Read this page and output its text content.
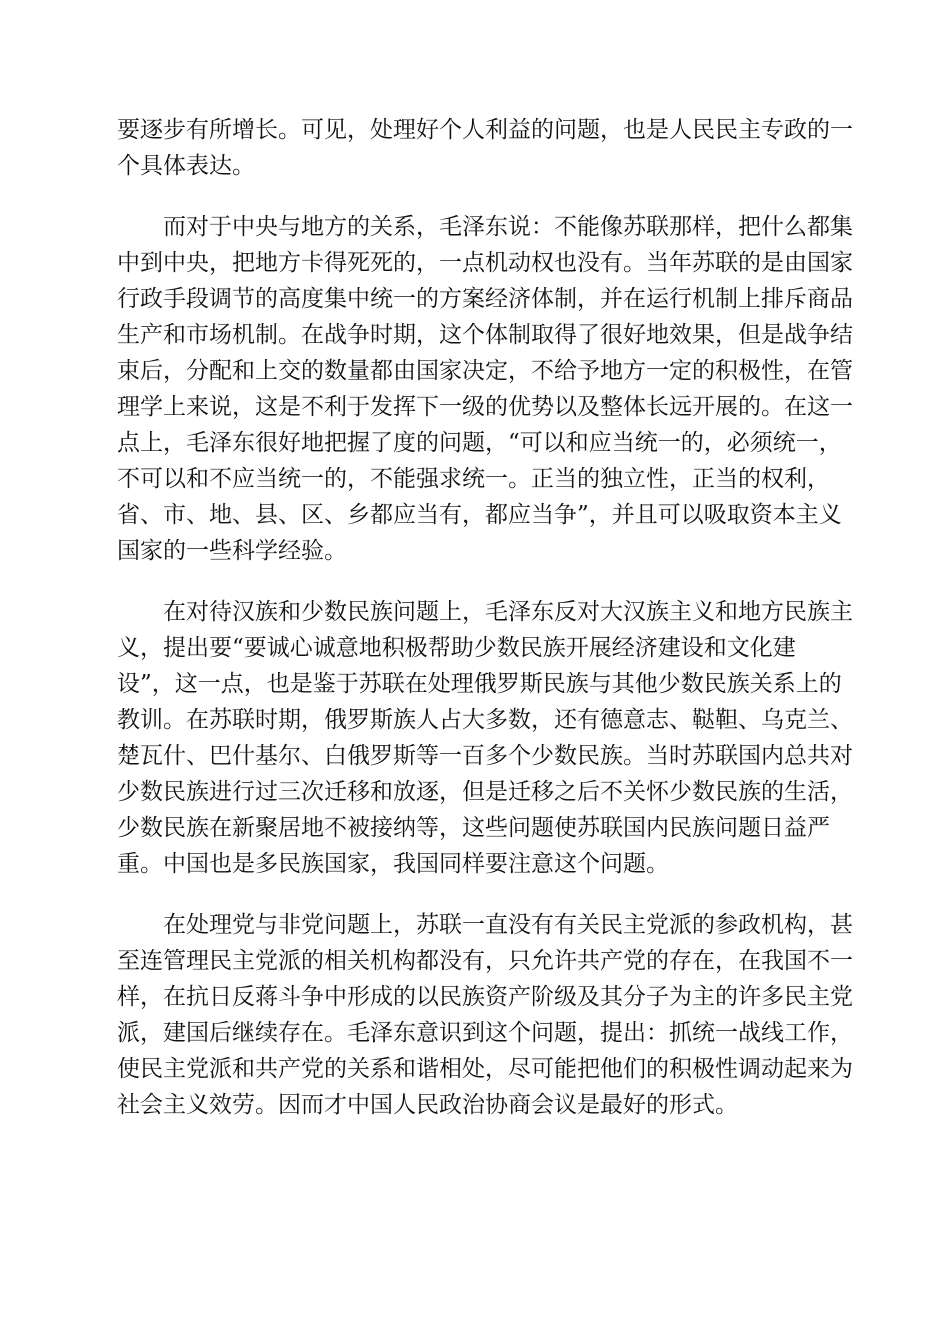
要逐步有所增长。可见，处理好个人利益的问题，也是人民民主专政的一
个具体表达。
而对于中央与地方的关系，毛泽东说：不能像苏联那样，把什么都集
中到中央，把地方卡得死死的，一点机动权也没有。当年苏联的是由国家
行政手段调节的高度集中统一的方案经济体制，并在运行机制上排斥商品
生产和市场机制。在战争时期，这个体制取得了很好地效果，但是战争结
束后，分配和上交的数量都由国家决定，不给予地方一定的积极性，在管
理学上来说，这是不利于发挥下一级的优势以及整体长远开展的。在这一
点上，毛泽东很好地把握了度的问题，“可以和应当统一的，必须统一，
不可以和不应当统一的，不能强求统一。正当的独立性，正当的权利，
省、市、地、县、区、乡都应当有，都应当争”，并且可以吸取资本主义
国家的一些科学经验。
在对待汉族和少数民族问题上，毛泽东反对大汉族主义和地方民族主
义，提出要“要诚心诚意地积极帮助少数民族开展经济建设和文化建
设”，这一点，也是鉴于苏联在处理俄罗斯民族与其他少数民族关系上的
教训。在苏联时期，俄罗斯族人占大多数，还有德意志、鞑靼、乌克兰、
楚瓦什、巴什基尔、白俄罗斯等一百多个少数民族。当时苏联国内总共对
少数民族进行过三次迁移和放逐，但是迁移之后不关怀少数民族的生活，
少数民族在新聚居地不被接纳等，这些问题使苏联国内民族问题日益严
重。中国也是多民族国家，我国同样要注意这个问题。
在处理党与非党问题上，苏联一直没有有关民主党派的参政机构，甚
至连管理民主党派的相关机构都没有，只允许共产党的存在，在我国不一
样，在抗日反蒋斗争中形成的以民族资产阶级及其分子为主的许多民主党
派，建国后继续存在。毛泽东意识到这个问题，提出：抓统一战线工作，
使民主党派和共产党的关系和谐相处，尽可能把他们的积极性调动起来为
社会主义效劳。因而才中国人民政治协商会议是最好的形式。
